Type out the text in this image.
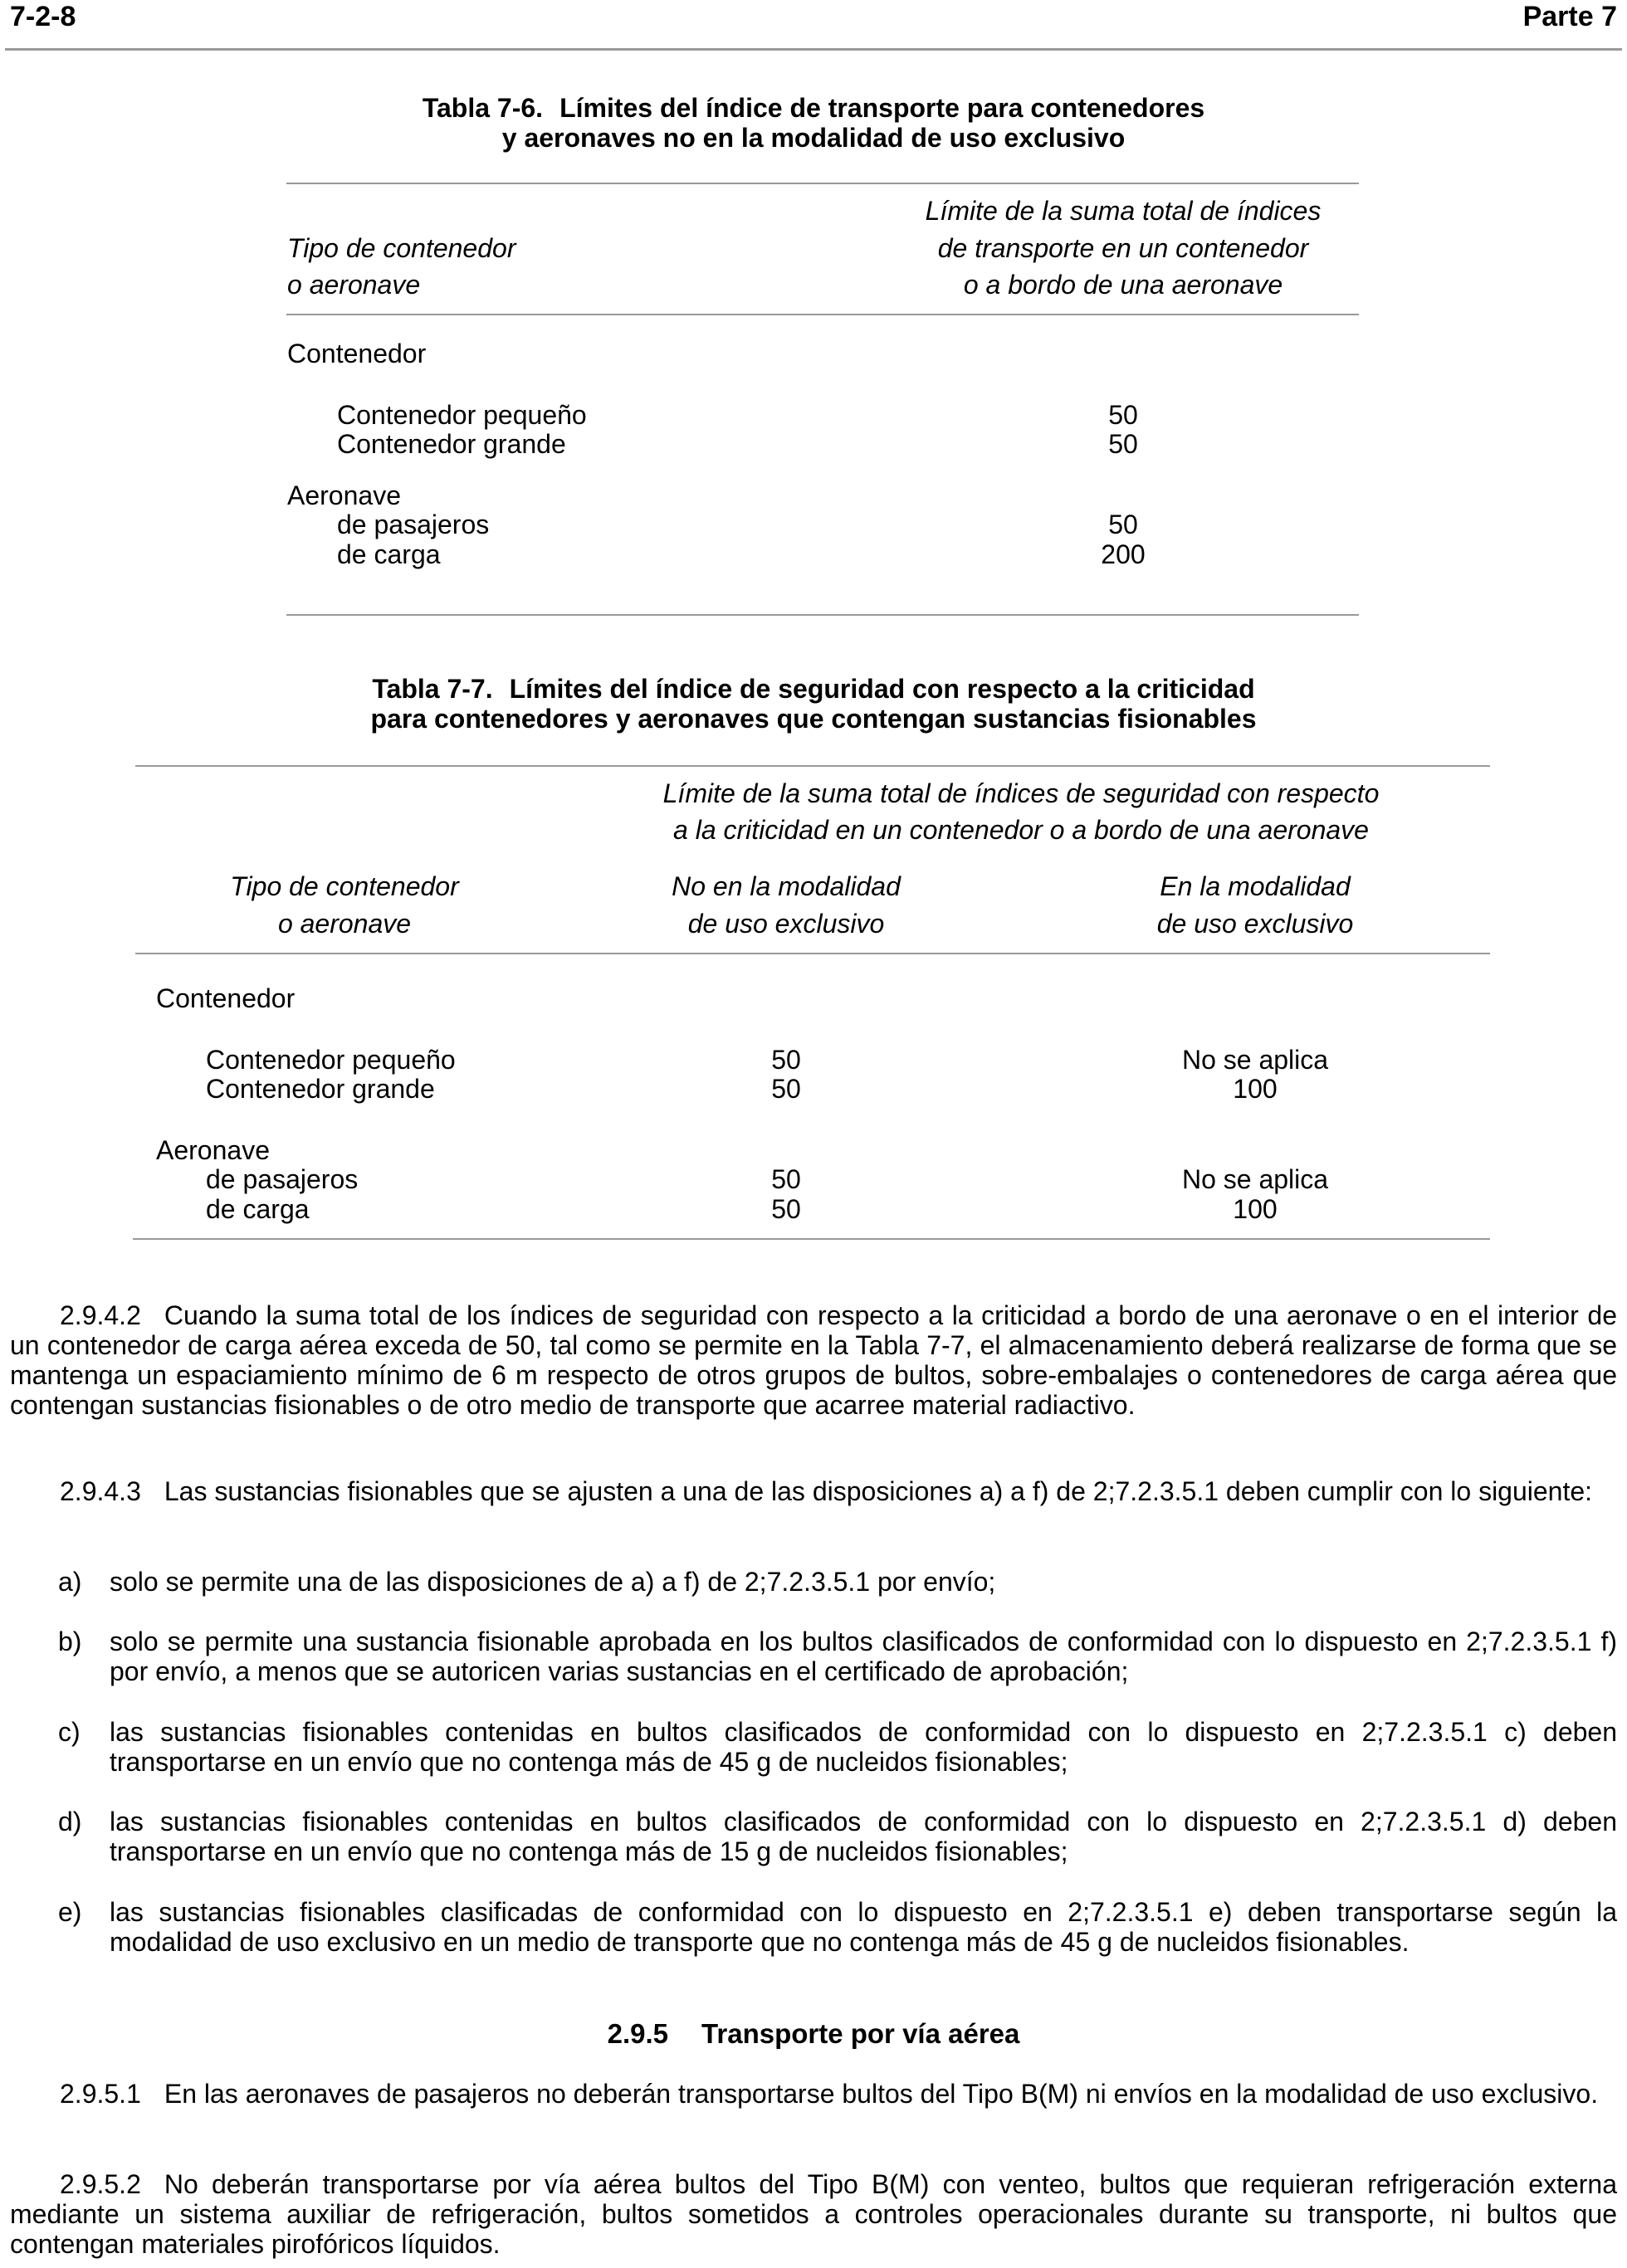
7-2-8	Parte 7
Tabla 7-6. Límites del índice de transporte para contenedores
y aeronaves no en la modalidad de uso exclusivo
Tipo de contenedor
o aeronave
Límite de la suma total de índices
de transporte en un contenedor
o a bordo de una aeronave
Contenedor
Contenedor pequeño	50
Contenedor grande	50
Aeronave
de pasajeros	50
de carga	200
Tabla 7-7. Límites del índice de seguridad con respecto a la criticidad
para contenedores y aeronaves que contengan sustancias fisionables
Límite de la suma total de índices de seguridad con respecto
a la criticidad en un contenedor o a bordo de una aeronave
Tipo de contenedor
o aeronave
No en la modalidad
de uso exclusivo
En la modalidad
de uso exclusivo
Contenedor
Contenedor pequeño	50	No se aplica
Contenedor grande	50	100
Aeronave
de pasajeros	50	No se aplica
de carga	50	100
2.9.4.2 Cuando la suma total de los índices de seguridad con respecto a la criticidad a bordo de una aeronave o en el interior de un contenedor de carga aérea exceda de 50, tal como se permite en la Tabla 7-7, el almacenamiento deberá realizarse de forma que se mantenga un espaciamiento mínimo de 6 m respecto de otros grupos de bultos, sobre-embalajes o contenedores de carga aérea que contengan sustancias fisionables o de otro medio de transporte que acarree material radiactivo.
2.9.4.3 Las sustancias fisionables que se ajusten a una de las disposiciones a) a f) de 2;7.2.3.5.1 deben cumplir con lo siguiente:
a) solo se permite una de las disposiciones de a) a f) de 2;7.2.3.5.1 por envío;
b) solo se permite una sustancia fisionable aprobada en los bultos clasificados de conformidad con lo dispuesto en 2;7.2.3.5.1 f) por envío, a menos que se autoricen varias sustancias en el certificado de aprobación;
c) las sustancias fisionables contenidas en bultos clasificados de conformidad con lo dispuesto en 2;7.2.3.5.1 c) deben transportarse en un envío que no contenga más de 45 g de nucleidos fisionables;
d) las sustancias fisionables contenidas en bultos clasificados de conformidad con lo dispuesto en 2;7.2.3.5.1 d) deben transportarse en un envío que no contenga más de 15 g de nucleidos fisionables;
e) las sustancias fisionables clasificadas de conformidad con lo dispuesto en 2;7.2.3.5.1 e) deben transportarse según la modalidad de uso exclusivo en un medio de transporte que no contenga más de 45 g de nucleidos fisionables.
2.9.5 Transporte por vía aérea
2.9.5.1 En las aeronaves de pasajeros no deberán transportarse bultos del Tipo B(M) ni envíos en la modalidad de uso exclusivo.
2.9.5.2 No deberán transportarse por vía aérea bultos del Tipo B(M) con venteo, bultos que requieran refrigeración externa mediante un sistema auxiliar de refrigeración, bultos sometidos a controles operacionales durante su transporte, ni bultos que contengan materiales pirofóricos líquidos.
